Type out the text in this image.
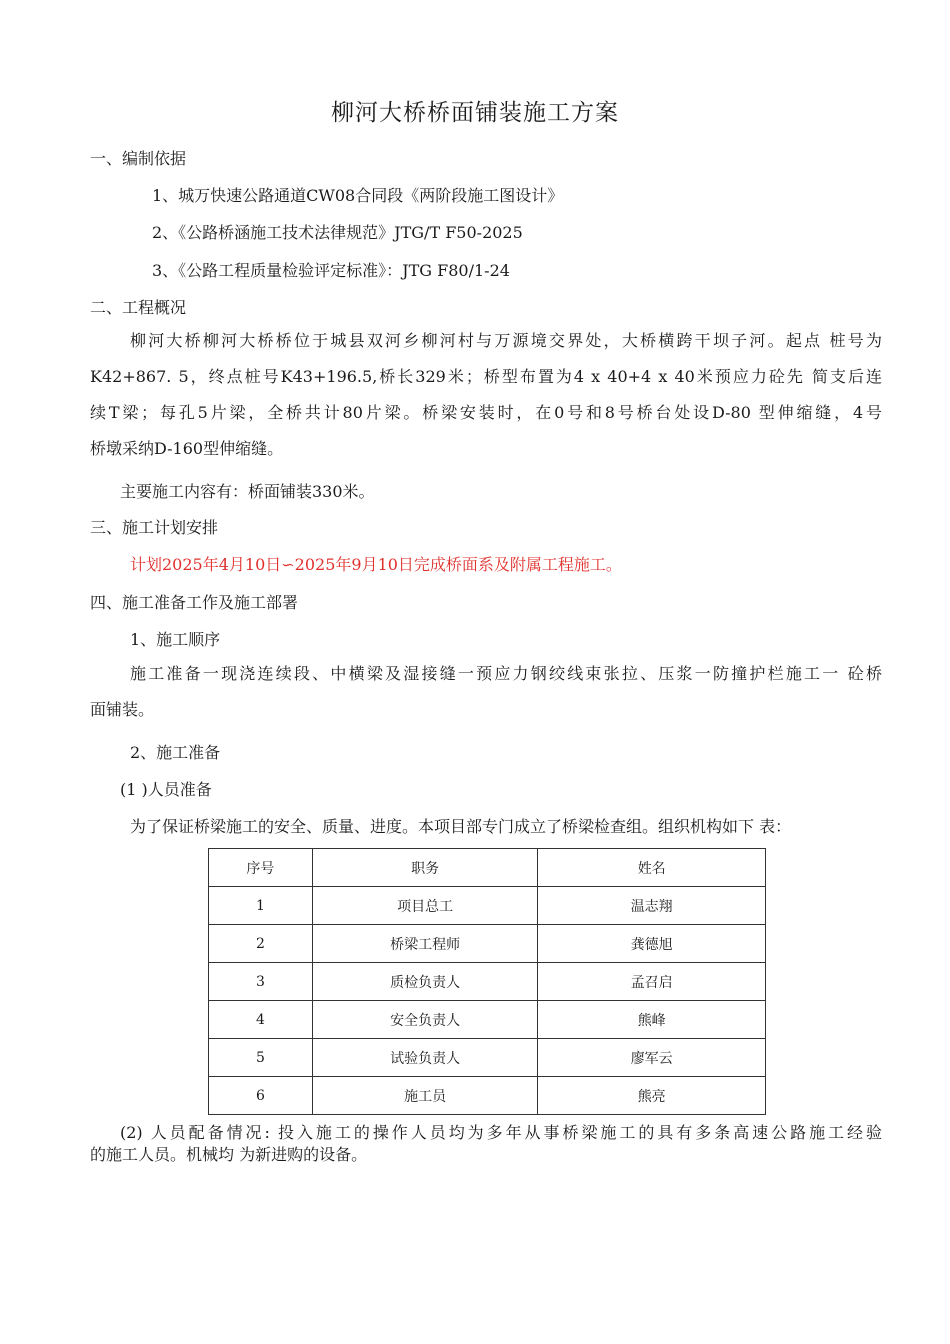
柳河大桥桥面铺装施工方案
一、编制依据
1、城万快速公路通道CW08合同段《两阶段施工图设计》
2、《公路桥涵施工技术法律规范》JTG/T F50-2025
3、《公路工程质量检验评定标准》：JTG F80/1-24
二、工程概况
柳河大桥柳河大桥桥位于城县双河乡柳河村与万源境交界处，大桥横跨干坝子河。起点 桩号为
K42+867. 5，终点桩号K43+196.5,桥长329米；桥型布置为4 x 40+4 x 40米预应力砼先 简支后连
续T梁；每孔5片梁，全桥共计80片梁。桥梁安装时，在0号和8号桥台处设D-80 型伸缩缝，4号
桥墩采纳D-160型伸缩缝。
主要施工内容有：桥面铺装330米。
三、施工计划安排
计划2025年4月10日∽2025年9月10日完成桥面系及附属工程施工。
四、施工准备工作及施工部署
1、施工顺序
施工准备一现浇连续段、中横梁及湿接缝一预应力钢绞线束张拉、压浆一防撞护栏施工一 砼桥
面铺装。
2、施工准备
(1 )人员准备
为了保证桥梁施工的安全、质量、进度。本项目部专门成立了桥梁检查组。组织机构如下 表：
序号	职务	姓名
1	项目总工	温志翔
2	桥梁工程师	龚德旭
3	质检负责人	孟召启
4	安全负责人	熊峰
5	试验负责人	廖军云
6	施工员	熊亮
(2) 人员配备情况: 投入施工的操作人员均为多年从事桥梁施工的具有多条高速公路施工经验
的施工人员。机械均 为新进购的设备。
